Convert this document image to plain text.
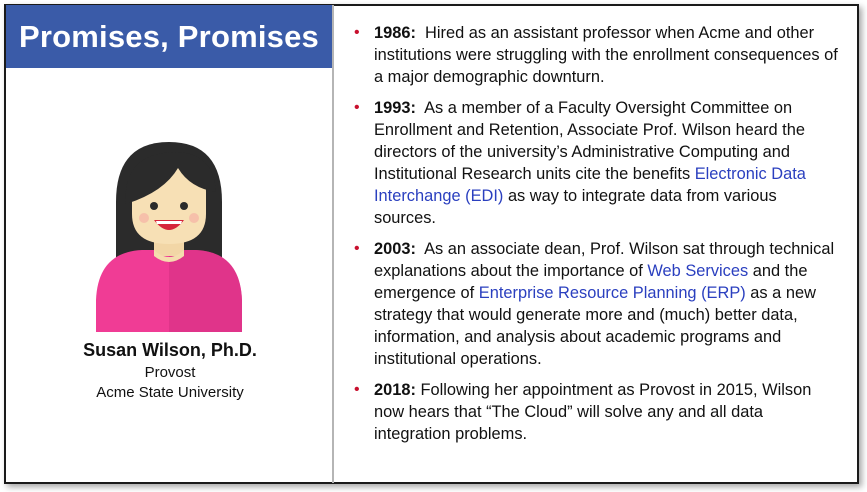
Promises, Promises
Susan Wilson, Ph.D.
Provost
Acme State University
• 1986: Hired as an assistant professor when Acme and other institutions were struggling with the enrollment consequences of a major demographic downturn.
• 1993: As a member of a Faculty Oversight Committee on Enrollment and Retention, Associate Prof. Wilson heard the directors of the university’s Administrative Computing and Institutional Research units cite the benefits Electronic Data Interchange (EDI) as way to integrate data from various sources.
• 2003: As an associate dean, Prof. Wilson sat through technical explanations about the importance of Web Services and the emergence of Enterprise Resource Planning (ERP) as a new strategy that would generate more and (much) better data, information, and analysis about academic programs and institutional operations.
• 2018: Following her appointment as Provost in 2015, Wilson now hears that “The Cloud” will solve any and all data integration problems.
